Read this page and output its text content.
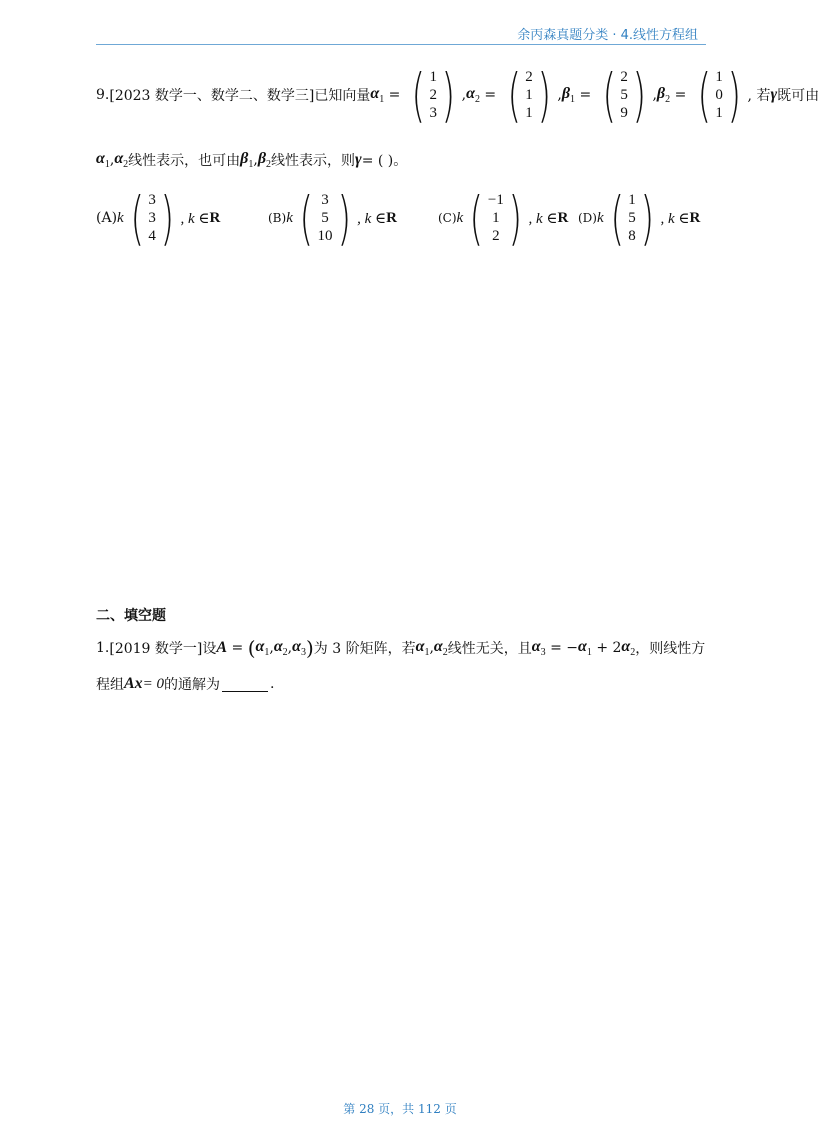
余丙森真题分类 · 4.线性方程组
9. [2023 数学一、数学二、数学三] 已知向量 $\alpha_1$ = ( 1
2
3 ) , $\alpha_2$ = ( 2
1
1 ) , $\beta_1$ = ( 2
5
9 ) , $\beta_2$ = ( 1
0
1 ) , 若 γ 既可由
$\alpha_1$ , $\alpha_2$ 线性表示，也可由 $\beta_1$ , $\beta_2$ 线性表示，则 γ = ( )。
(A) k ( 3
3
4 ) , k ∈ R	(B) k ( 3
5
10 ) , k ∈ R	(C) k ( −1
1
2 ) , k ∈ R (D) k ( 1
5
8 ) , k ∈ R
二、填空题
1. [2019 数学一] 设 A = ( $\alpha_1$ , $\alpha_2$ , $\alpha_3$ ) 为 3 阶矩阵，若 $\alpha_1$ , $\alpha_2$ 线性无关，且 $\alpha_3$ = − $\alpha_1 + 2$ $\alpha_2$ ，则线性方
程组 Ax = 0 的通解为	.
第 28 页，共 112 页
